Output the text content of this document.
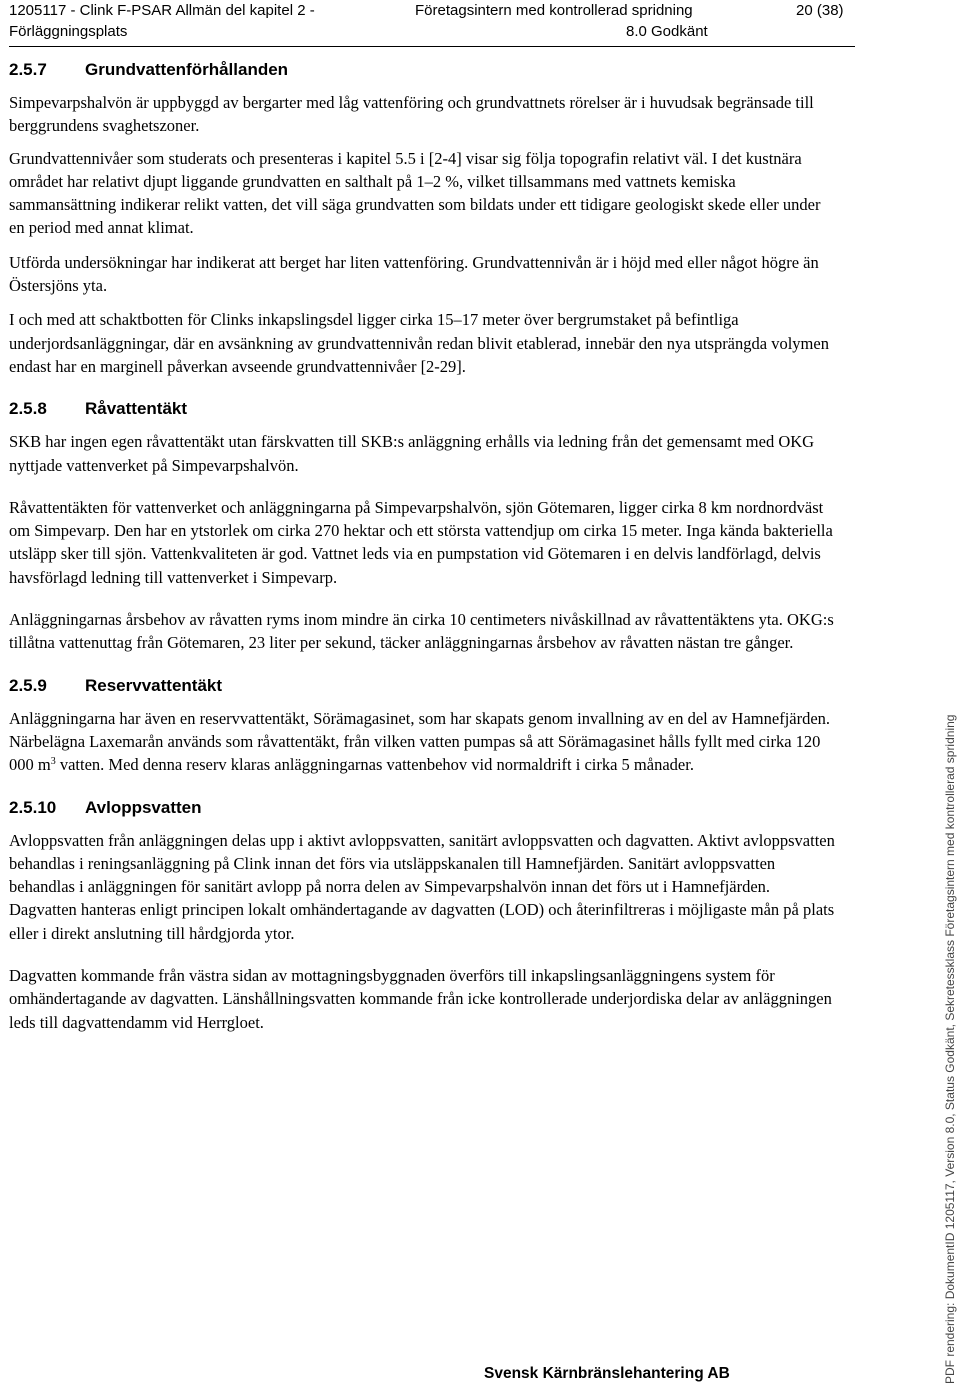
1205117 - Clink F-PSAR Allmän del kapitel 2 -
Förläggningsplats
Företagsintern med kontrollerad spridning
8.0 Godkänt
20 (38)
2.5.7 Grundvattenförhållanden

Simpevarpshalvön är uppbyggd av bergarter med låg vattenföring och grundvattnets rörelser är i huvudsak begränsade till berggrundens svaghetszoner.

Grundvattennivåer som studerats och presenteras i kapitel 5.5 i [2-4] visar sig följa topografin relativt väl. I det kustnära området har relativt djupt liggande grundvatten en salthalt på 1–2 %, vilket tillsammans med vattnets kemiska sammansättning indikerar relikt vatten, det vill säga grundvatten som bildats under ett tidigare geologiskt skede eller under en period med annat klimat.

Utförda undersökningar har indikerat att berget har liten vattenföring. Grundvattennivån är i höjd med eller något högre än Östersjöns yta.

I och med att schaktbotten för Clinks inkapslingsdel ligger cirka 15–17 meter över bergrumstaket på befintliga underjordsanläggningar, där en avsänkning av grundvattennivån redan blivit etablerad, innebär den nya utsprängda volymen endast har en marginell påverkan avseende grundvattennivåer [2-29].

2.5.8 Råvattentäkt

SKB har ingen egen råvattentäkt utan färskvatten till SKB:s anläggning erhålls via ledning från det gemensamt med OKG nyttjade vattenverket på Simpevarpshalvön.

Råvattentäkten för vattenverket och anläggningarna på Simpevarpshalvön, sjön Götemaren, ligger cirka 8 km nordnordväst om Simpevarp. Den har en ytstorlek om cirka 270 hektar och ett största vattendjup om cirka 15 meter. Inga kända bakteriella utsläpp sker till sjön. Vattenkvaliteten är god. Vattnet leds via en pumpstation vid Götemaren i en delvis landförlagd, delvis havsförlagd ledning till vattenverket i Simpevarp.

Anläggningarnas årsbehov av råvatten ryms inom mindre än cirka 10 centimeters nivåskillnad av råvattentäktens yta. OKG:s tillåtna vattenuttag från Götemaren, 23 liter per sekund, täcker anläggningarnas årsbehov av råvatten nästan tre gånger.

2.5.9 Reservvattentäkt

Anläggningarna har även en reservvattentäkt, Sörämagasinet, som har skapats genom invallning av en del av Hamnefjärden. Närbelägna Laxemarån används som råvattentäkt, från vilken vatten pumpas så att Sörämagasinet hålls fyllt med cirka 120 000 $m^3$ vatten. Med denna reserv klaras anläggningarnas vattenbehov vid normaldrift i cirka 5 månader.

2.5.10 Avloppsvatten

Avloppsvatten från anläggningen delas upp i aktivt avloppsvatten, sanitärt avloppsvatten och dagvatten. Aktivt avloppsvatten behandlas i reningsanläggning på Clink innan det förs via utsläppskanalen till Hamnefjärden. Sanitärt avloppsvatten behandlas i anläggningen för sanitärt avlopp på norra delen av Simpevarpshalvön innan det förs ut i Hamnefjärden. Dagvatten hanteras enligt principen lokalt omhändertagande av dagvatten (LOD) och återinfiltreras i möjligaste mån på plats eller i direkt anslutning till hårdgjorda ytor.

Dagvatten kommande från västra sidan av mottagningsbyggnaden överförs till inkapslingsanläggningens system för omhändertagande av dagvatten. Länshållningsvatten kommande från icke kontrollerade underjordiska delar av anläggningen leds till dagvattendamm vid Herrgloet.

Svensk Kärnbränslehantering AB	PDF rendering: DokumentID 1205117, Version 8.0, Status Godkänt, Sekretessklass Företagsintern med kontrollerad spridning
